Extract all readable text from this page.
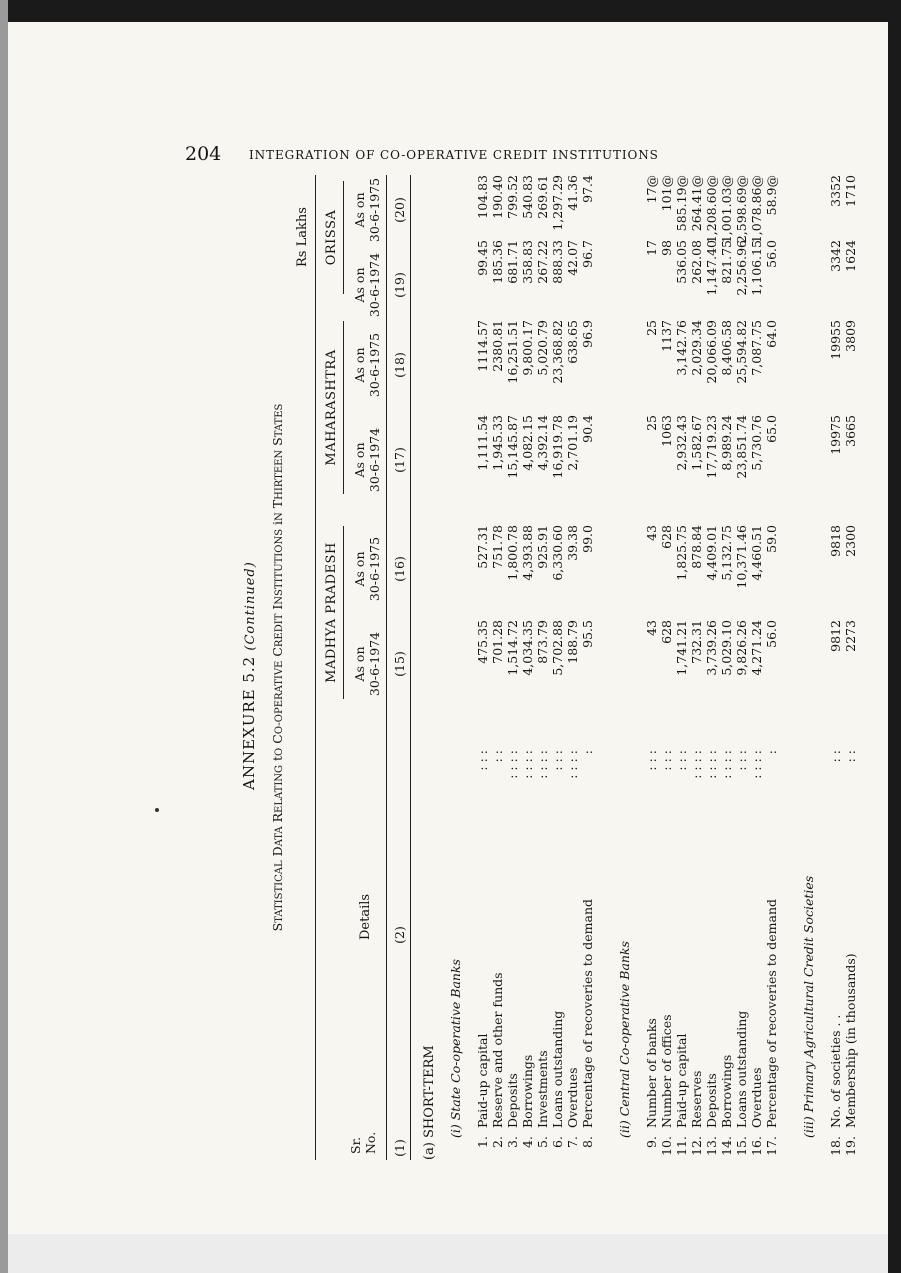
204 INTEGRATION OF CO-OPERATIVE CREDIT INSTITUTIONS
ANNEXURE 5.2 (Continued)
STATISTICAL DATA RELATING tO CO-OPERATIVE CREDIT INSTITUTIONS iN THIRTEEN STATES
Rs Lakhs
MADHYA PRADESH
MAHARASHTRA
ORISSA
As on 30-6-1974
As on 30-6-1975
As on 30-6-1974
As on 30-6-1975
As on 30-6-1974
As on 30-6-1975
Sr. No.
Details
(1)
(2)
(15)
(16)
(17)
(18)
(19)
(20)
(a) SHORT-TERM (i) State Co-operative Banks
1.
Paid-up capital
: : :
475.35
527.31
1,111.54
1114.57
99.45
104.83
2.
Reserve and other funds
: :
701.28
751.78
1,945.33
2380.81
185.36
190.40
3.
Deposits
: : : :
1,514.72
1,800.78
15,145.87
16,251.51
681.71
799.52
4.
Borrowings
: : : :
4,034.35
4,393.88
4,082.15
9,800.17
358.83
540.83
5.
Investments
: : : :
873.79
925.91
4,392.14
5,020.79
267.22
269.61
6.
Loans outstanding
: : :
5,702.88
6,330.60
16,919.78
23,368.82
888.33
1,297.29
7.
Overdues
: : : :
188.79
39.38
2,701.19
638.65
42.07
41.36
8.
Percentage of recoveries to demand
:
95.5
99.0
90.4
96.9
96.7
97.4
(ii) Central Co-operative Banks
9.
Number of banks
: : :
43
43
25
25
17
17@
10.
Number of offices
: : :
628
628
1063
1137
98
101@
11.
Paid-up capital
: : :
1,741.21
1,825.75
2,932.43
3,142.76
536.05
585.19@
12.
Reserves
: : : :
732.31
878.84
1,582.67
2,029.34
262.08
264.41@
13.
Deposits
: : : :
3,739.26
4,409.01
17,719.23
20,066.09
1,147.40
1,208.60@
14.
Borrowings
: : : :
5,029.10
5,132.75
8,989.24
8,406.58
821.75
1,001.03@
15.
Loans outstanding
: : :
9,826.26
10,371.46
23,851.74
25,594.82
2,256.96
2,598.69@
16.
Overdues
: : : :
4,271.24
4,460.51
5,730.76
7,087.75
1,106.15
1,078.86@
17.
Percentage of recoveries to demand
:
56.0
59.0
65.0
64.0
56.0
58.9@
(iii) Primary Agricultural Credit Societies
18.
No. of societies . .
: :
9812
9818
19975
19955
3342
3352
19.
Membership (in thousands)
: :
2273
2300
3665
3809
1624
1710
